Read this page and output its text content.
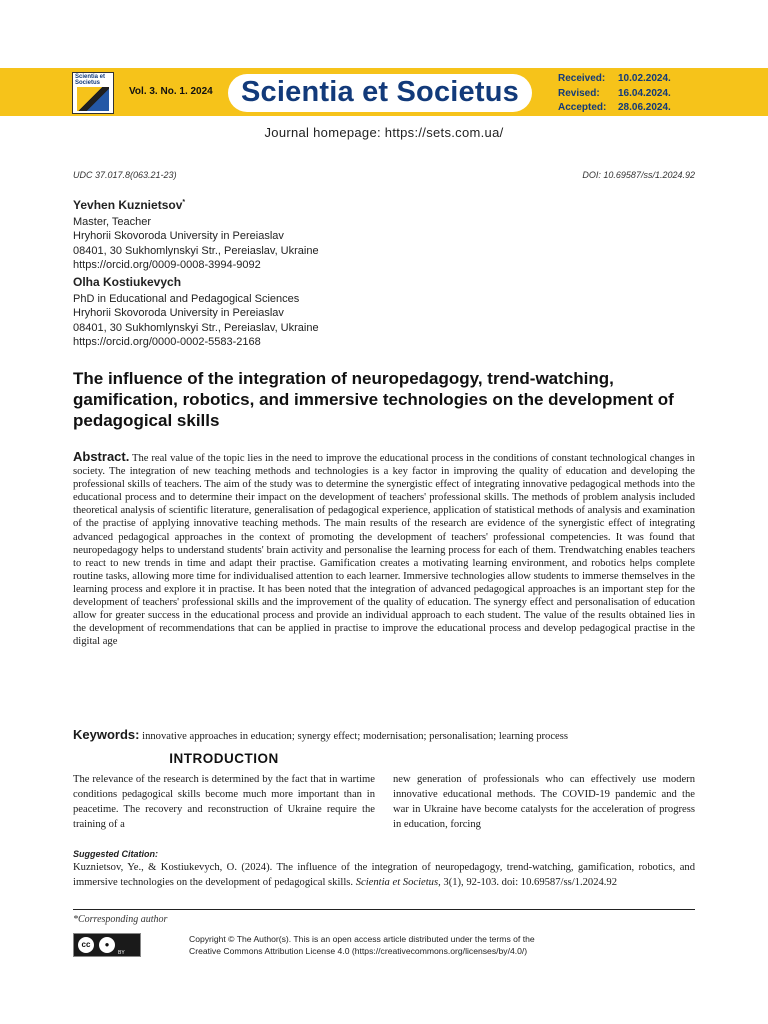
Scientia et Societus
Vol. 3. No. 1. 2024 Scientia et Societus	Received:	10.02.2024.
Revised:	16.04.2024.
Accepted:	28.06.2024.
Journal homepage: https://sets.com.ua/
UDC 37.017.8(063.21-23)	DOI: 10.69587/ss/1.2024.92
Yevhen Kuznietsov*
Master, Teacher
Hryhorii Skovoroda University in Pereiaslav
08401, 30 Sukhomlynskyi Str., Pereiaslav, Ukraine
https://orcid.org/0009-0008-3994-9092
Olha Kostiukevych
PhD in Educational and Pedagogical Sciences
Hryhorii Skovoroda University in Pereiaslav
08401, 30 Sukhomlynskyi Str., Pereiaslav, Ukraine
https://orcid.org/0000-0002-5583-2168
The influence of the integration of neuropedagogy, trend-watching, gamification, robotics, and immersive technologies on the development of pedagogical skills
Abstract. The real value of the topic lies in the need to improve the educational process in the conditions of constant technological changes in society. The integration of new teaching methods and technologies is a key factor in improving the quality of education and developing the professional skills of teachers. The aim of the study was to determine the synergistic effect of integrating innovative pedagogical methods into the educational process and to determine their impact on the development of teachers' professional skills. The methods of problem analysis included theoretical analysis of scientific literature, generalisation of pedagogical experience, application of statistical methods of analysis and examination of the practise of applying innovative teaching methods. The main results of the research are evidence of the synergistic effect of integrating advanced pedagogical approaches in the context of promoting the development of teachers' professional competencies. It was found that neuropedagogy helps to understand students' brain activity and personalise the learning process for each of them. Trendwatching enables teachers to react to new trends in time and adapt their practise. Gamification creates a motivating learning environment, and robotics helps complete routine tasks, allowing more time for individualised attention to each learner. Immersive technologies allow students to immerse themselves in the learning process and explore it in practise. It has been noted that the integration of advanced pedagogical approaches is an important step for the development of teachers' professional skills and the improvement of the quality of education. The synergy effect and personalisation of education allow for greater success in the educational process and provide an individual approach to each student. The value of the results obtained lies in the development of recommendations that can be applied in practise to improve the educational process and develop pedagogical practise in the digital age
Keywords: innovative approaches in education; synergy effect; modernisation; personalisation; learning process
INTRODUCTION
The relevance of the research is determined by the fact that in wartime conditions pedagogical skills become much more important than in peacetime. The recovery and reconstruction of Ukraine require the training of a
new generation of professionals who can effectively use modern innovative educational methods. The COVID-19 pandemic and the war in Ukraine have become catalysts for the acceleration of progress in education, forcing
Suggested Citation:
Kuznietsov, Ye., & Kostiukevych, O. (2024). The influence of the integration of neuropedagogy, trend-watching, gamification, robotics, and immersive technologies on the development of pedagogical skills. Scientia et Societus, 3(1), 92-103. doi: 10.69587/ss/1.2024.92
*Corresponding author
cc	●
BY
Copyright © The Author(s). This is an open access article distributed under the terms of the
Creative Commons Attribution License 4.0 (https://creativecommons.org/licenses/by/4.0/)
